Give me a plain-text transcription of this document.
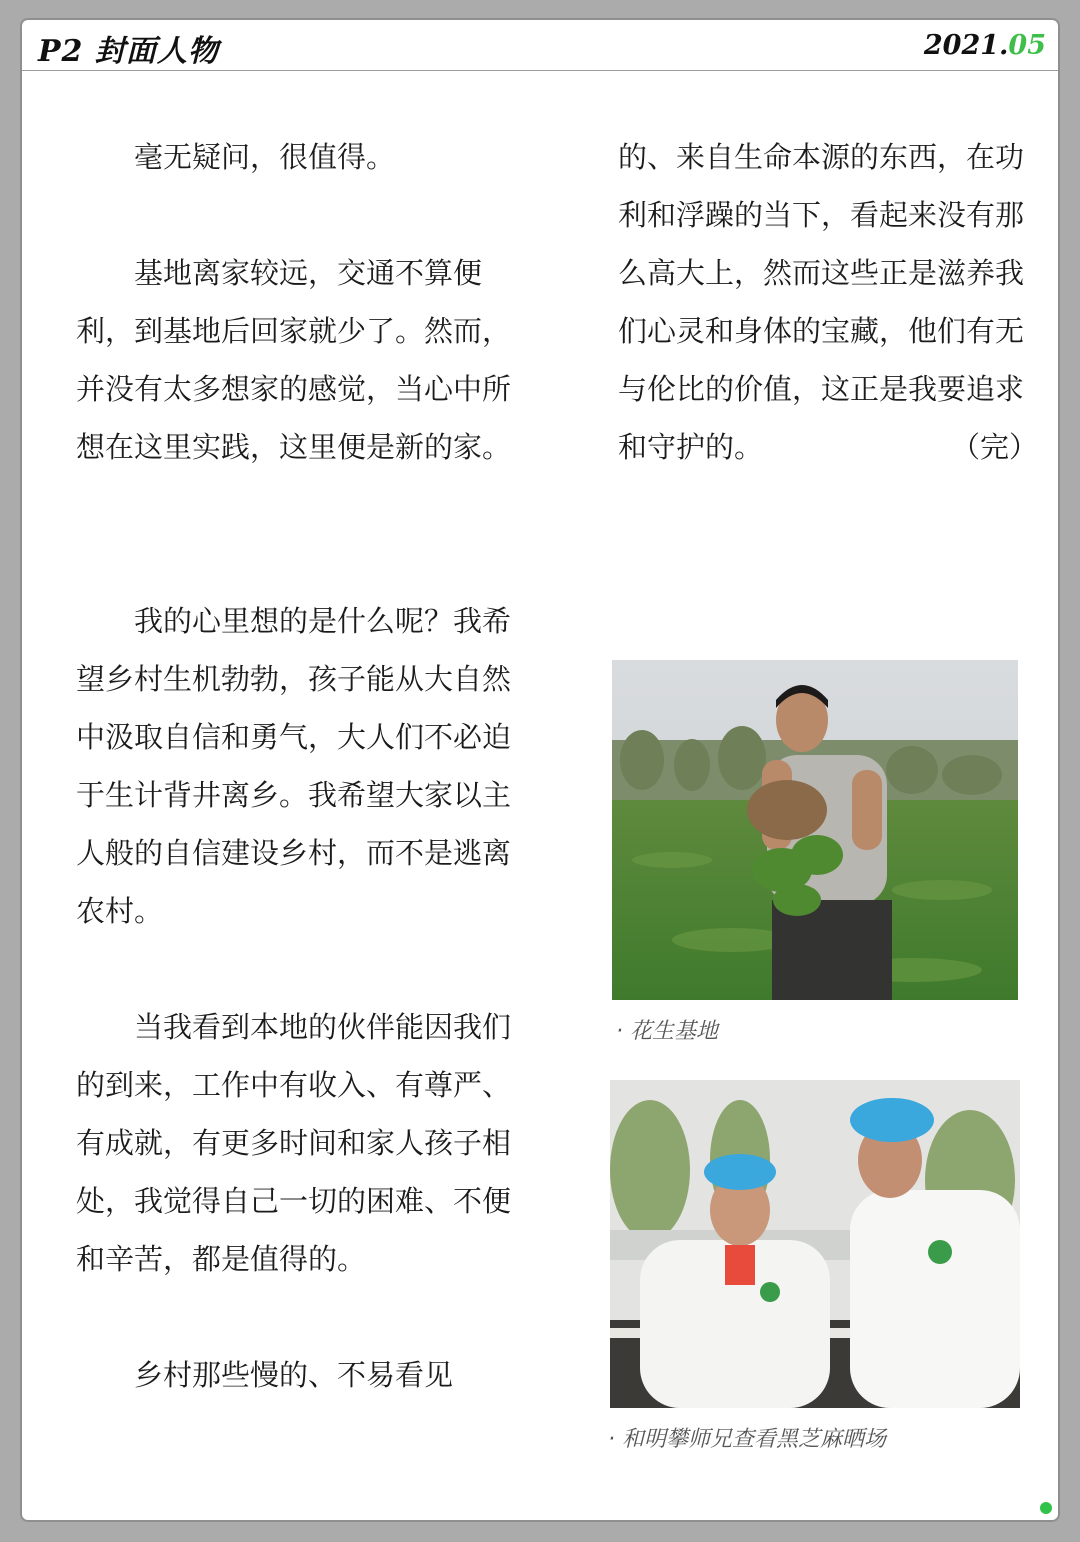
P2 封面人物	2021.05

毫无疑问，很值得。

基地离家较远，交通不算便利，到基地后回家就少了。然而，并没有太多想家的感觉，当心中所想在这里实践，这里便是新的家。

我的心里想的是什么呢？我希望乡村生机勃勃，孩子能从大自然中汲取自信和勇气，大人们不必迫于生计背井离乡。我希望大家以主人般的自信建设乡村，而不是逃离农村。

当我看到本地的伙伴能因我们的到来，工作中有收入、有尊严、有成就，有更多时间和家人孩子相处，我觉得自己一切的困难、不便和辛苦，都是值得的。

乡村那些慢的、不易看见

的、来自生命本源的东西，在功利和浮躁的当下，看起来没有那么高大上，然而这些正是滋养我们心灵和身体的宝藏，他们有无与伦比的价值，这正是我要追求和守护的。	（完）

· 花生基地
· 和明攀师兄查看黑芝麻晒场
